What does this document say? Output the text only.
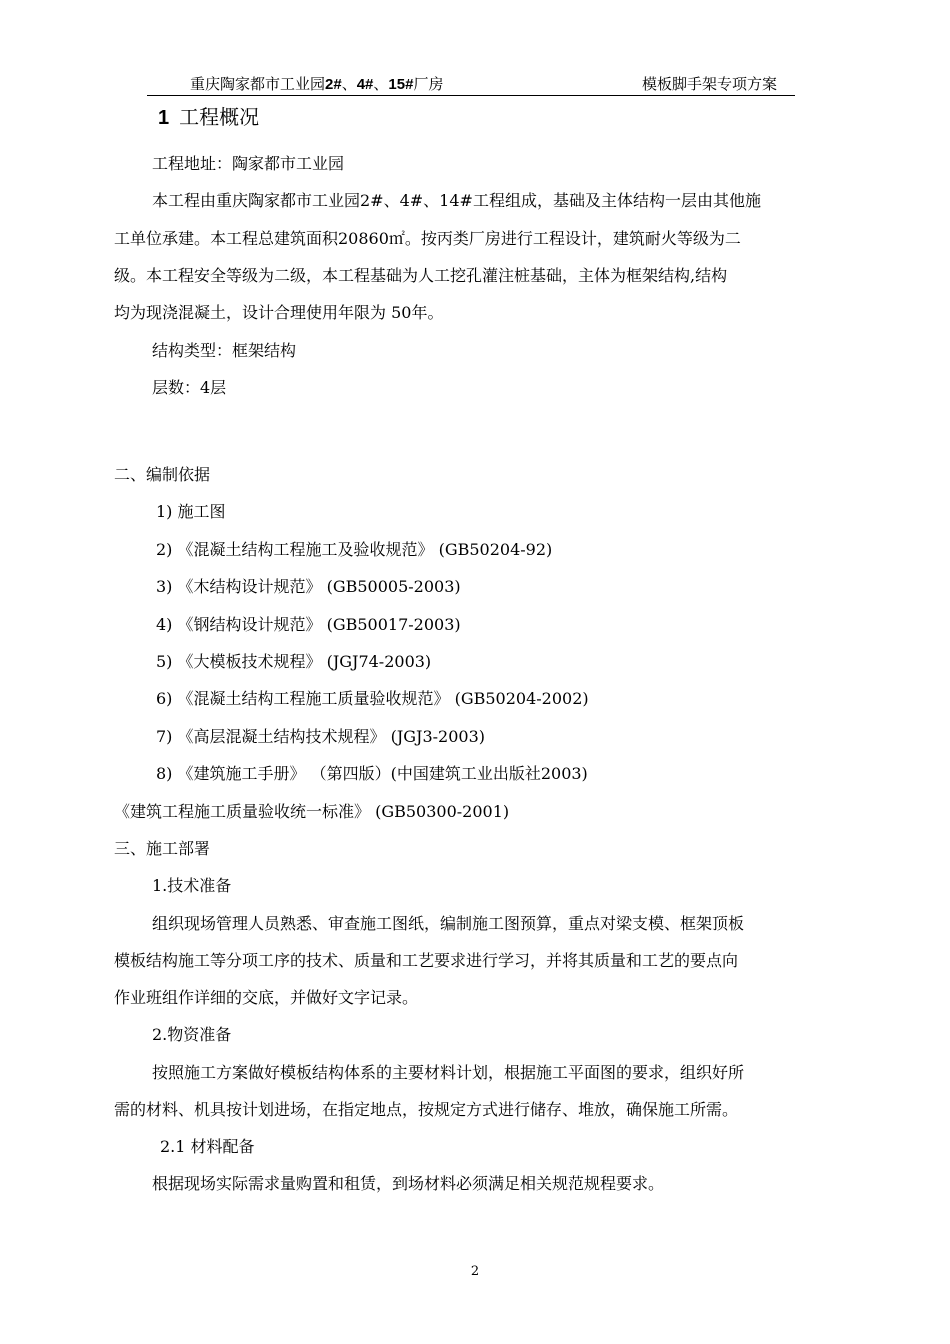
重庆陶家都市工业园2#、4#、15#厂房	模板脚手架专项方案
1 工程概况
工程地址：陶家都市工业园
本工程由重庆陶家都市工业园2#、4#、14#工程组成，基础及主体结构一层由其他施
工单位承建。本工程总建筑面积20860㎡。按丙类厂房进行工程设计，建筑耐火等级为二
级。本工程安全等级为二级，本工程基础为人工挖孔灌注桩基础，主体为框架结构,结构
均为现浇混凝土，设计合理使用年限为 50年。
结构类型：框架结构
层数：4层
二、编制依据
1) 施工图
2) 《混凝土结构工程施工及验收规范》 (GB50204-92)
3) 《木结构设计规范》 (GB50005-2003)
4) 《钢结构设计规范》 (GB50017-2003)
5) 《大模板技术规程》 (JGJ74-2003)
6) 《混凝土结构工程施工质量验收规范》 (GB50204-2002)
7) 《高层混凝土结构技术规程》 (JGJ3-2003)
8) 《建筑施工手册》 （第四版）(中国建筑工业出版社2003)
《建筑工程施工质量验收统一标准》 (GB50300-2001)
三、施工部署
1.技术准备
组织现场管理人员熟悉、审查施工图纸，编制施工图预算，重点对梁支模、框架顶板
模板结构施工等分项工序的技术、质量和工艺要求进行学习，并将其质量和工艺的要点向
作业班组作详细的交底，并做好文字记录。
2.物资准备
按照施工方案做好模板结构体系的主要材料计划，根据施工平面图的要求，组织好所
需的材料、机具按计划进场，在指定地点，按规定方式进行储存、堆放，确保施工所需。
2.1 材料配备
根据现场实际需求量购置和租赁，到场材料必须满足相关规范规程要求。
2
